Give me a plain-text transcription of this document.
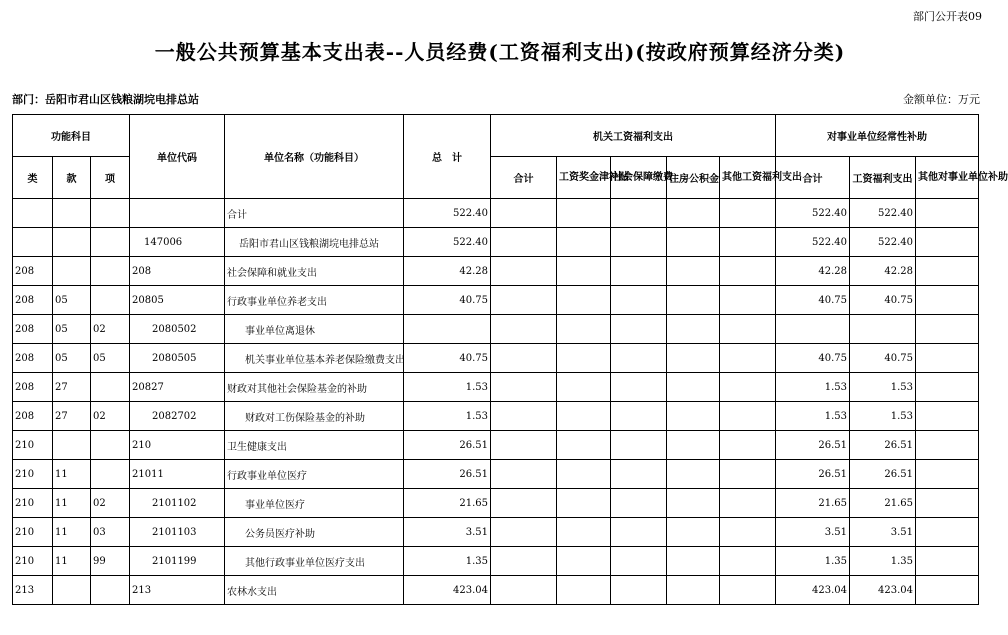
部门公开表09
一般公共预算基本支出表--人员经费(工资福利支出)(按政府预算经济分类)
部门：岳阳市君山区钱粮湖垸电排总站	金额单位：万元
功能科目			单位代码	单位名称（功能科目）	总　计	机关工资福利支出					对事业单位经常性补助		
类	款	项				合计	工资奖金津补贴	社会保障缴费	住房公积金	其他工资福利支出	合计	工资福利支出	其他对事业单位补助
				合计	522.40						522.40	522.40	
			147006	岳阳市君山区钱粮湖垸电排总站	522.40						522.40	522.40	
208			208	社会保障和就业支出	42.28						42.28	42.28	
208	05		20805	行政事业单位养老支出	40.75						40.75	40.75	
208	05	02	2080502	事业单位离退休									
208	05	05	2080505	机关事业单位基本养老保险缴费支出	40.75						40.75	40.75	
208	27		20827	财政对其他社会保险基金的补助	1.53						1.53	1.53	
208	27	02	2082702	财政对工伤保险基金的补助	1.53						1.53	1.53	
210			210	卫生健康支出	26.51						26.51	26.51	
210	11		21011	行政事业单位医疗	26.51						26.51	26.51	
210	11	02	2101102	事业单位医疗	21.65						21.65	21.65	
210	11	03	2101103	公务员医疗补助	3.51						3.51	3.51	
210	11	99	2101199	其他行政事业单位医疗支出	1.35						1.35	1.35	
213			213	农林水支出	423.04						423.04	423.04	
